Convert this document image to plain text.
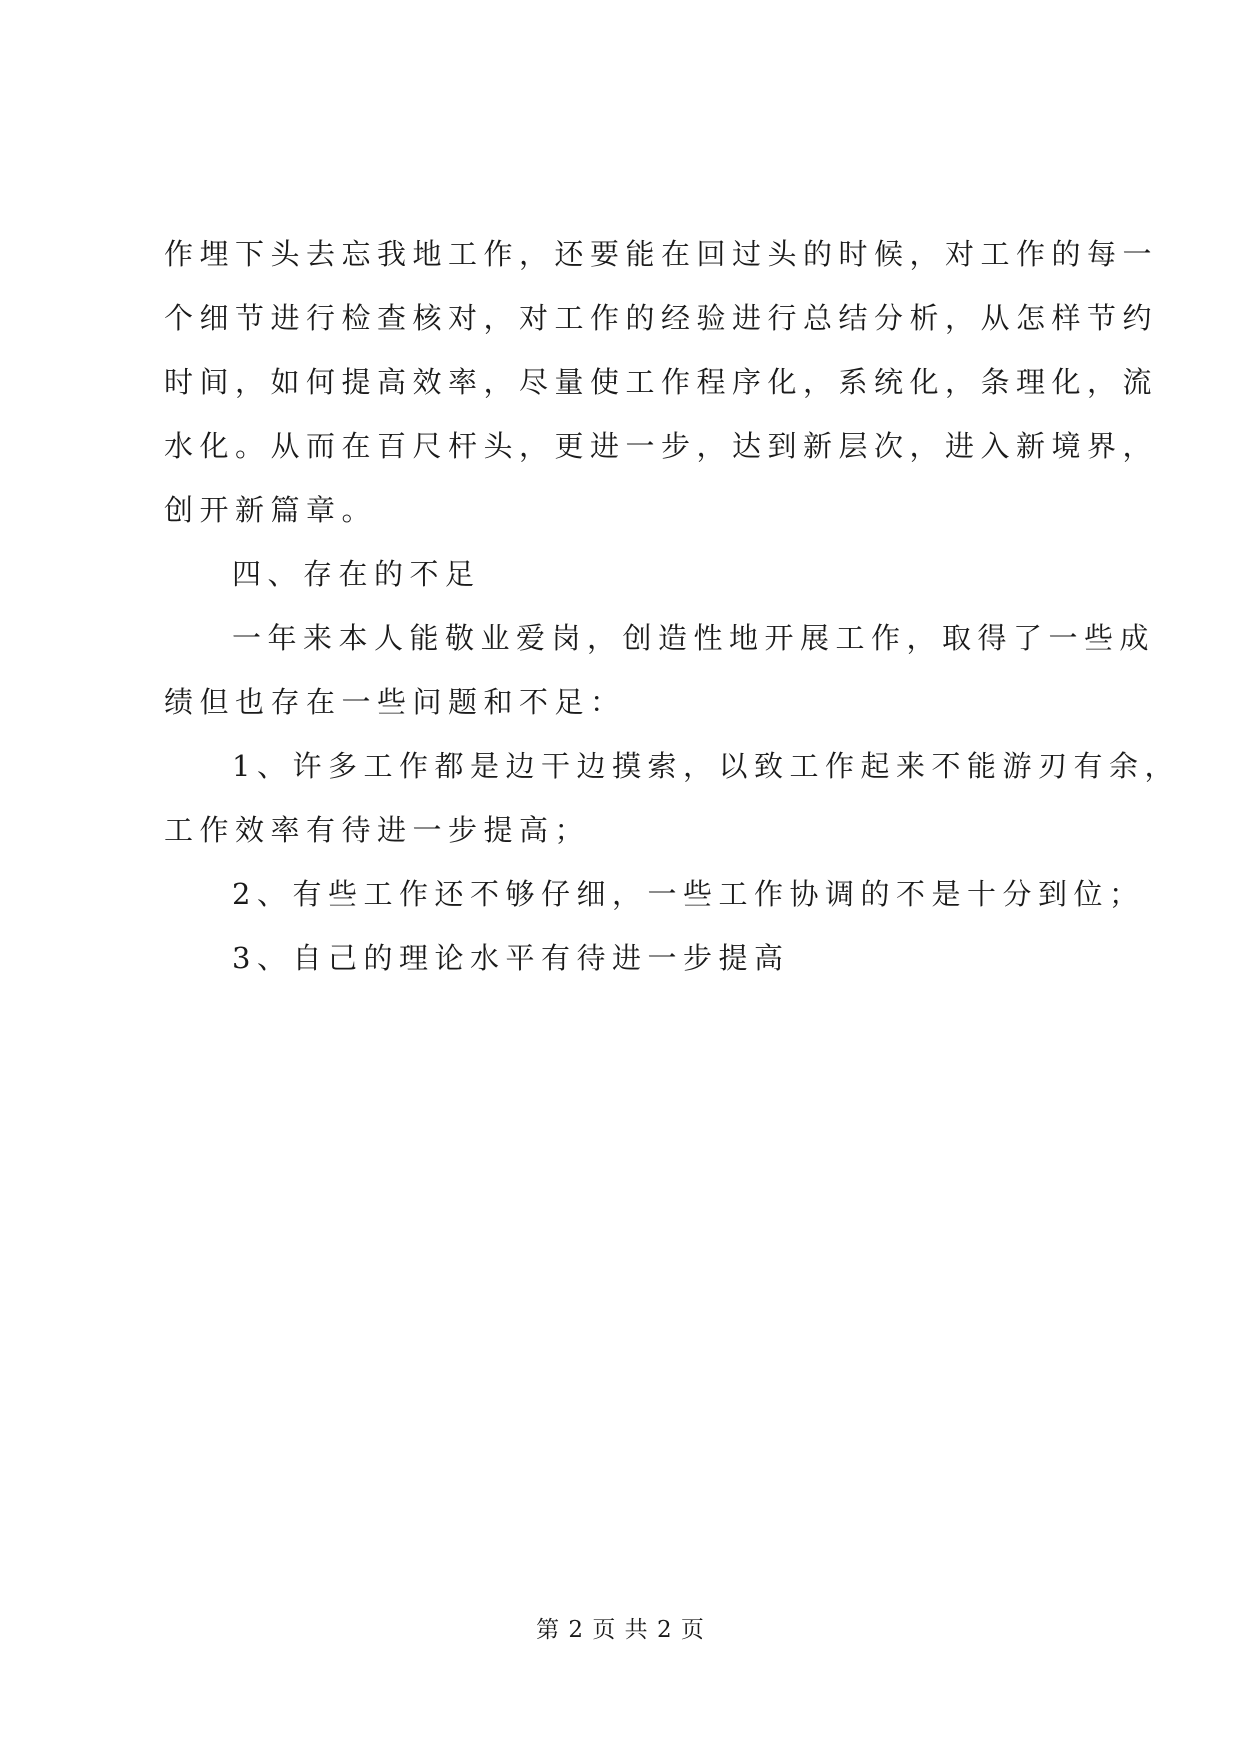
作埋下头去忘我地工作，还要能在回过头的时候，对工作的每一
个细节进行检查核对，对工作的经验进行总结分析，从怎样节约
时间，如何提高效率，尽量使工作程序化，系统化，条理化，流
水化。从而在百尺杆头，更进一步，达到新层次，进入新境界，
创开新篇章。
四、存在的不足
一年来本人能敬业爱岗，创造性地开展工作，取得了一些成
绩但也存在一些问题和不足：
1、许多工作都是边干边摸索，以致工作起来不能游刃有余，
工作效率有待进一步提高；
2、有些工作还不够仔细，一些工作协调的不是十分到位；
3、自己的理论水平有待进一步提高
第 2 页 共 2 页
